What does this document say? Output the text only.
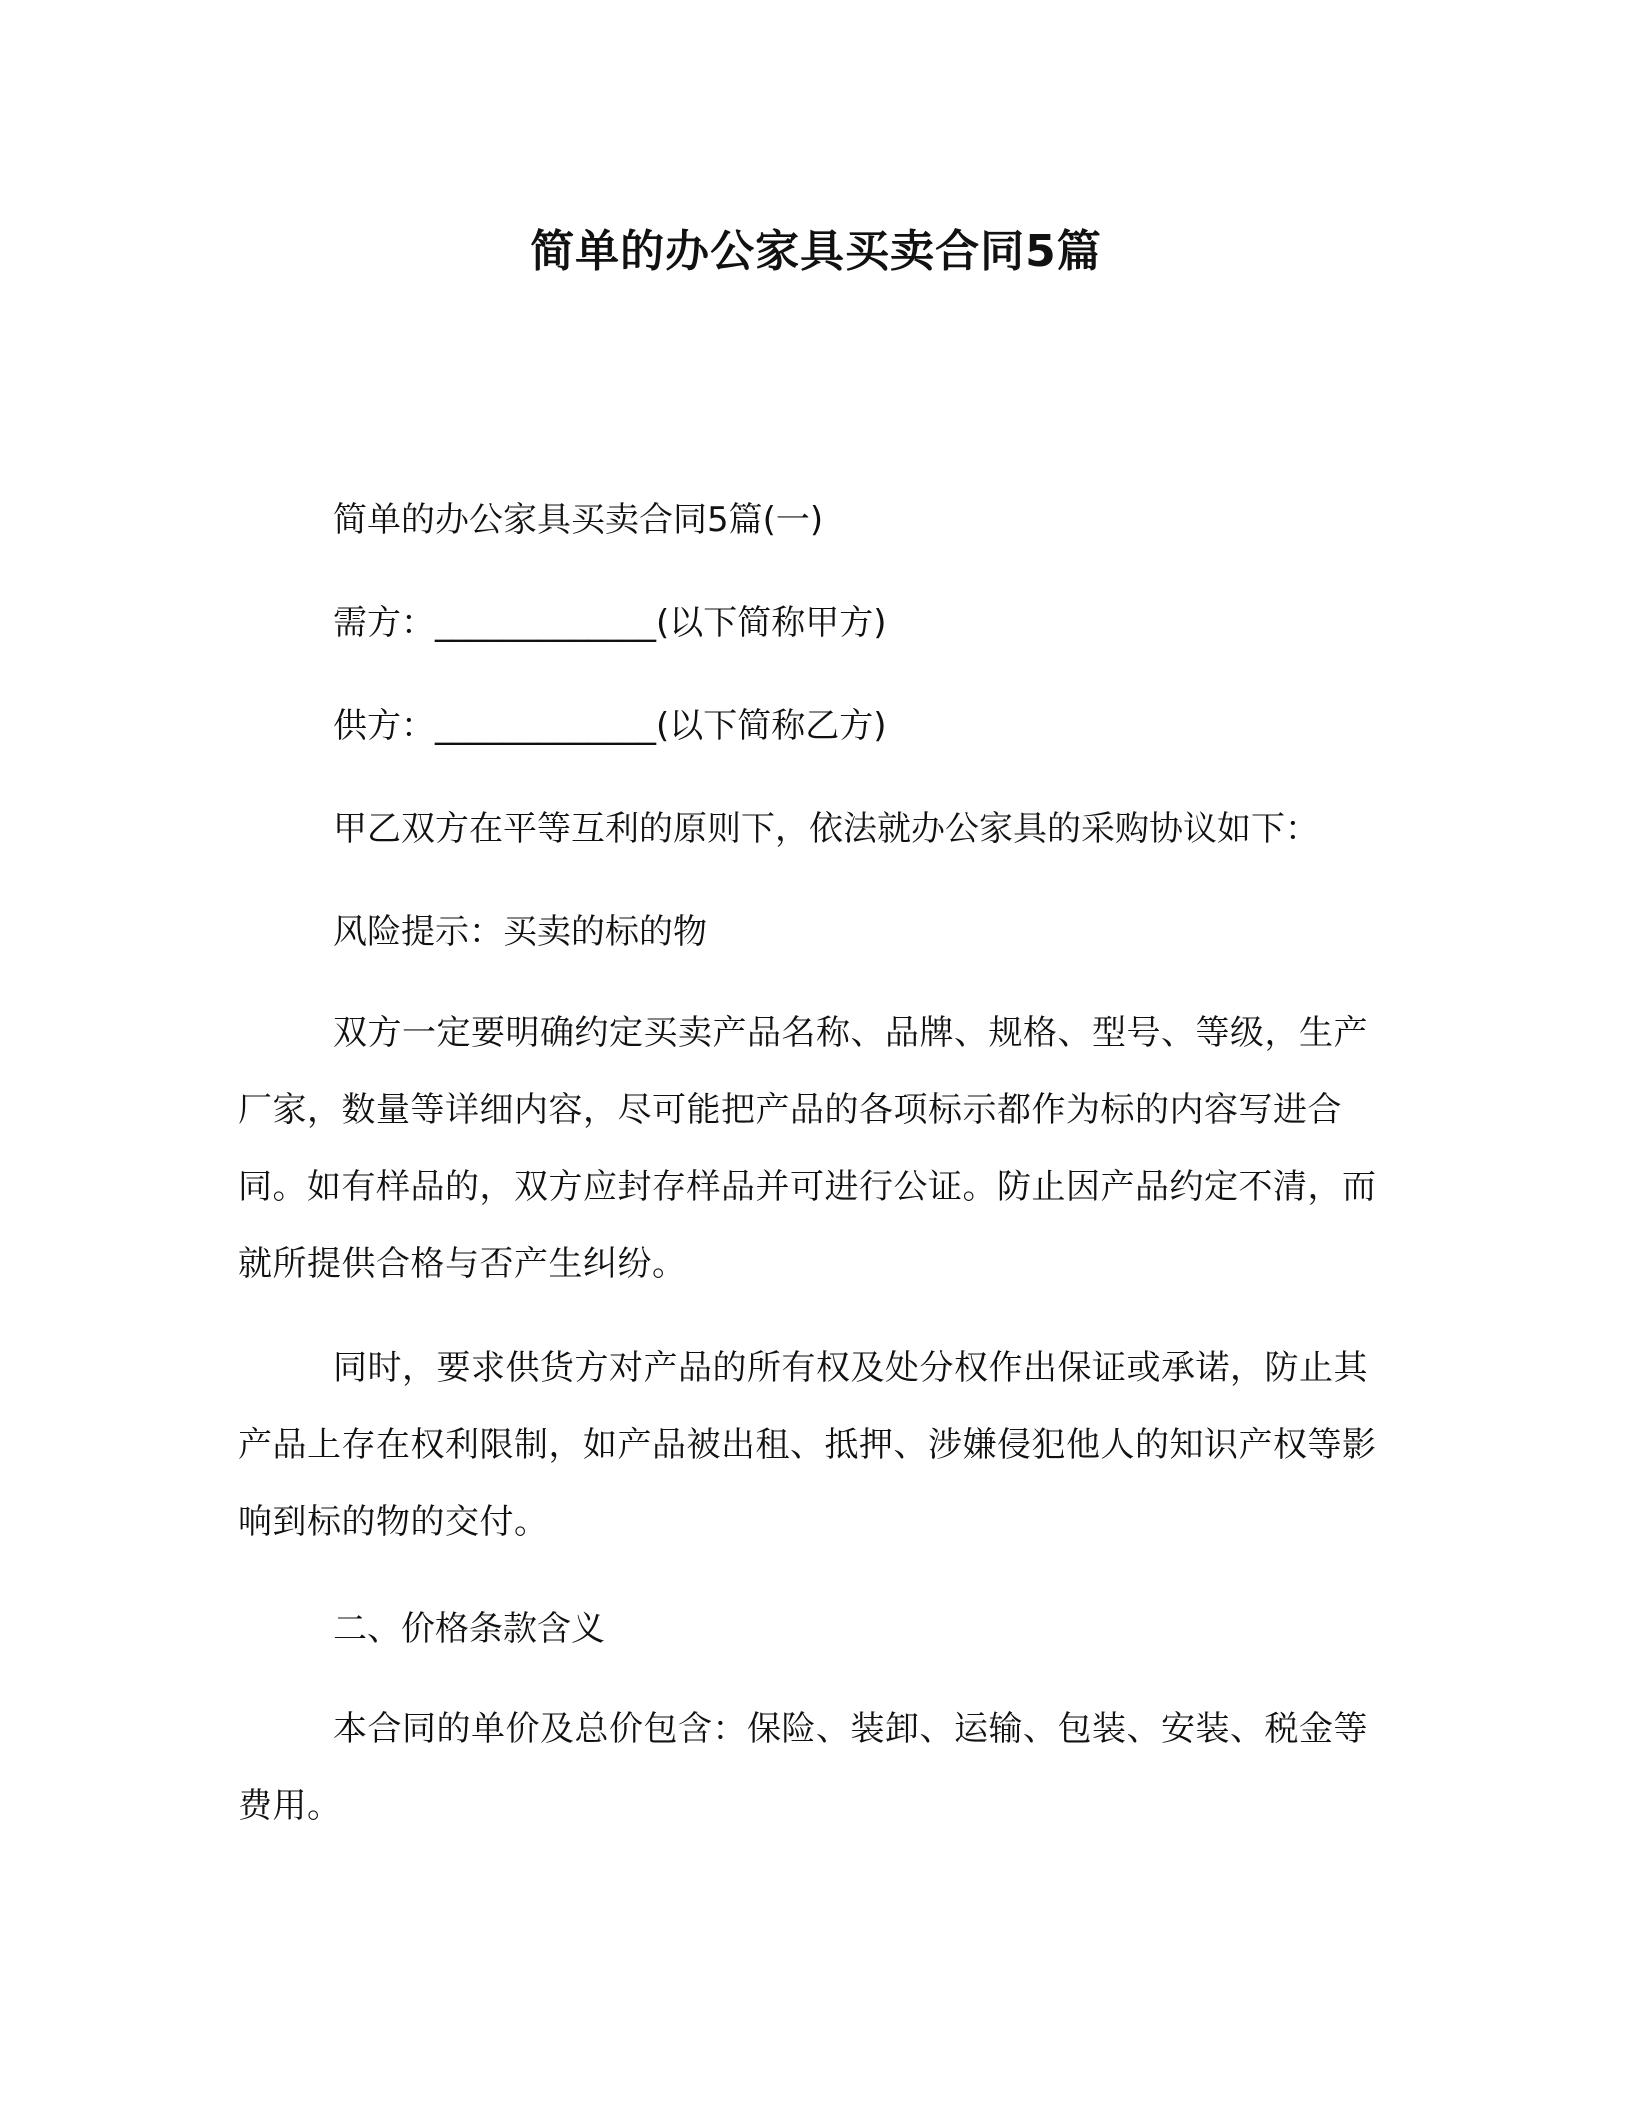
简单的办公家具买卖合同5篇
简单的办公家具买卖合同5篇(一)
需方：_____________(以下简称甲方)
供方：_____________(以下简称乙方)
甲乙双方在平等互利的原则下，依法就办公家具的采购协议如下：
风险提示：买卖的标的物
双方一定要明确约定买卖产品名称、品牌、规格、型号、等级，生产厂家，数量等详细内容，尽可能把产品的各项标示都作为标的内容写进合同。如有样品的，双方应封存样品并可进行公证。防止因产品约定不清，而就所提供合格与否产生纠纷。
同时，要求供货方对产品的所有权及处分权作出保证或承诺，防止其产品上存在权利限制，如产品被出租、抵押、涉嫌侵犯他人的知识产权等影响到标的物的交付。
二、价格条款含义
本合同的单价及总价包含：保险、装卸、运输、包装、安装、税金等费用。
